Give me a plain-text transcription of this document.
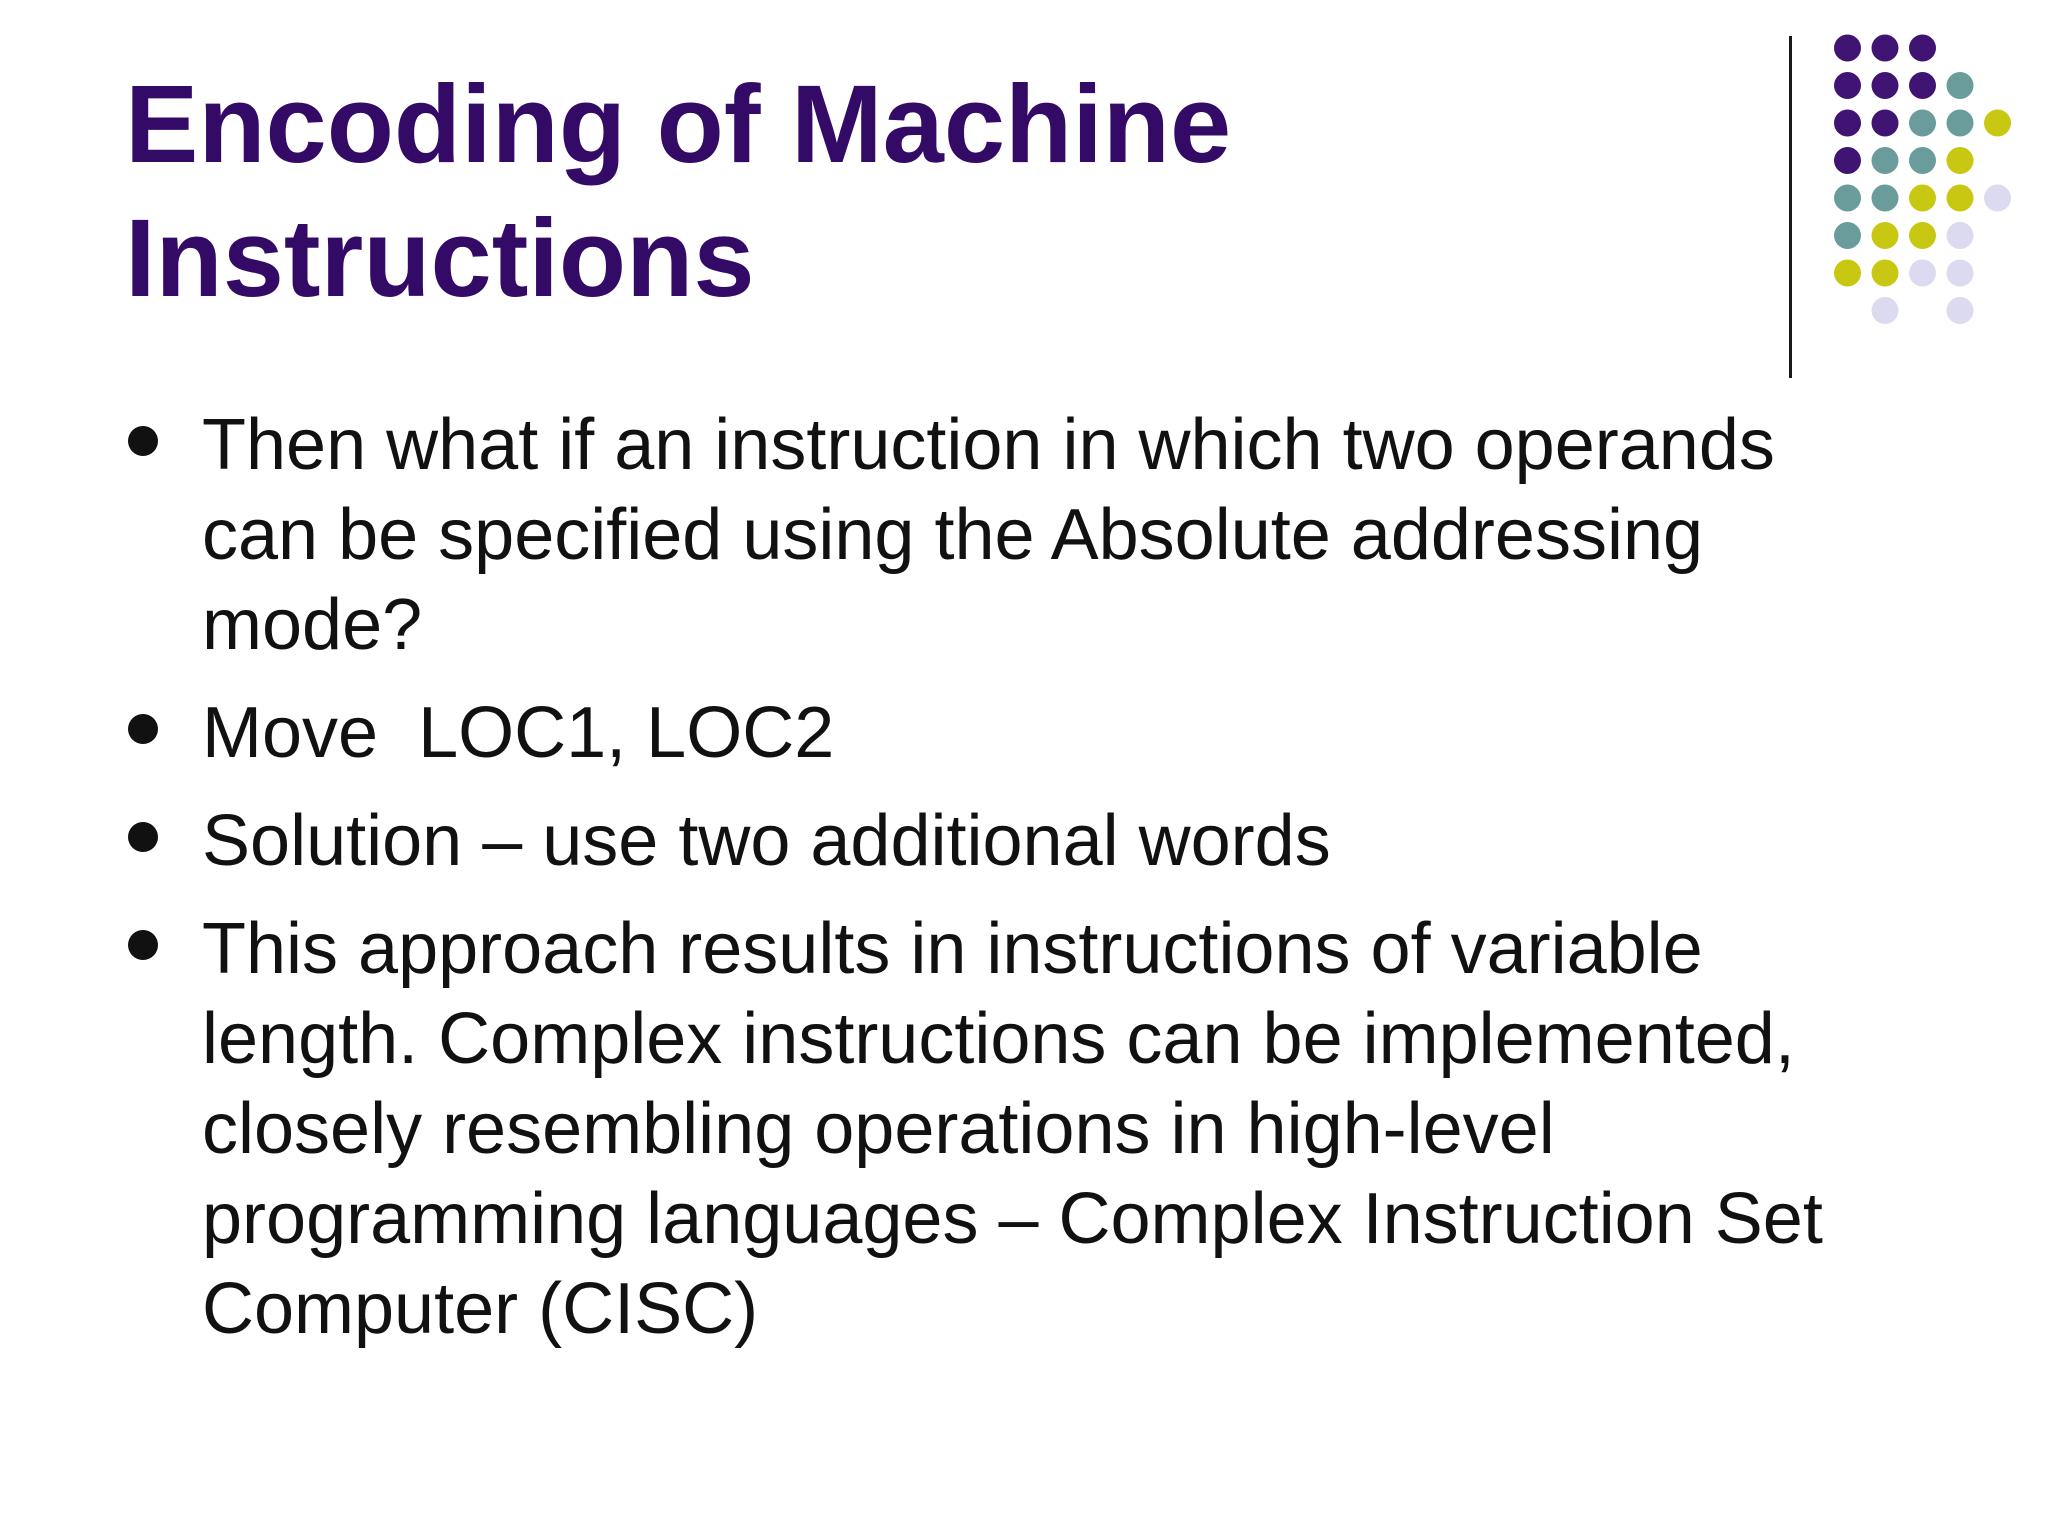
Encoding of Machine
Instructions
Then what if an instruction in which two operands
can be specified using the Absolute addressing
mode?
Move  LOC1, LOC2
Solution – use two additional words
This approach results in instructions of variable
length. Complex instructions can be implemented,
closely resembling operations in high-level
programming languages – Complex Instruction Set
Computer (CISC)
